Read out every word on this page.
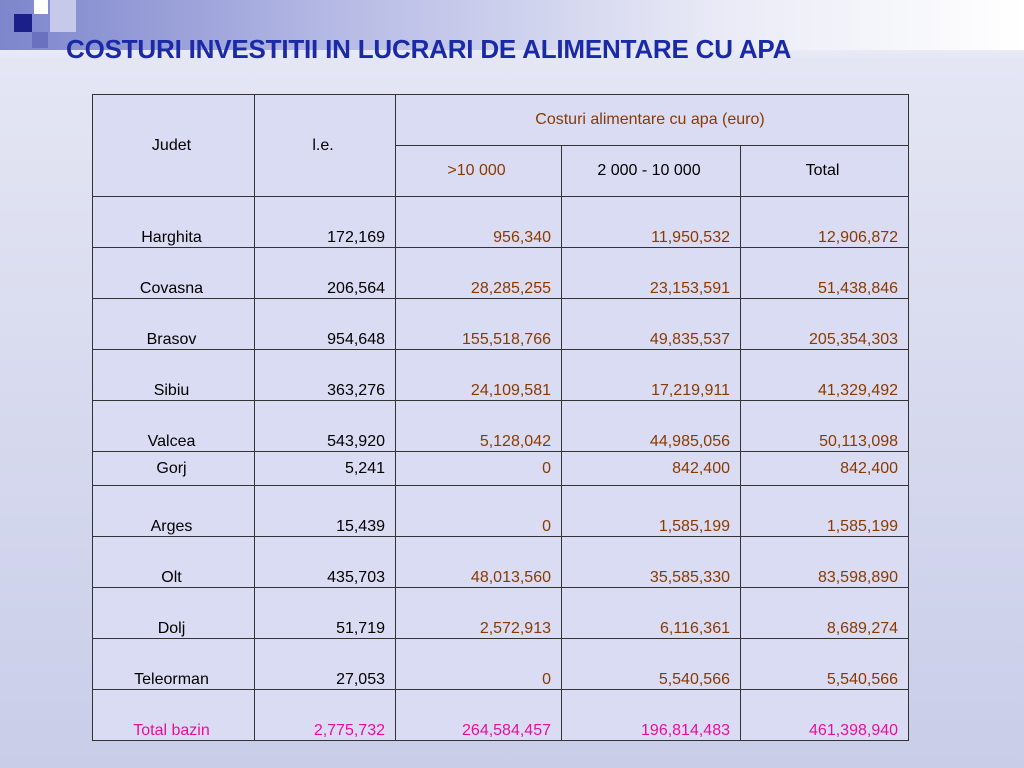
COSTURI INVESTITII IN LUCRARI DE ALIMENTARE CU APA
Judet	l.e.	Costuri alimentare cu apa (euro)		
		>10 000	2 000 - 10 000	Total
Harghita	172,169	956,340	11,950,532	12,906,872
Covasna	206,564	28,285,255	23,153,591	51,438,846
Brasov	954,648	155,518,766	49,835,537	205,354,303
Sibiu	363,276	24,109,581	17,219,911	41,329,492
Valcea	543,920	5,128,042	44,985,056	50,113,098
Gorj	5,241	0	842,400	842,400
Arges	15,439	0	1,585,199	1,585,199
Olt	435,703	48,013,560	35,585,330	83,598,890
Dolj	51,719	2,572,913	6,116,361	8,689,274
Teleorman	27,053	0	5,540,566	5,540,566
Total bazin	2,775,732	264,584,457	196,814,483	461,398,940
